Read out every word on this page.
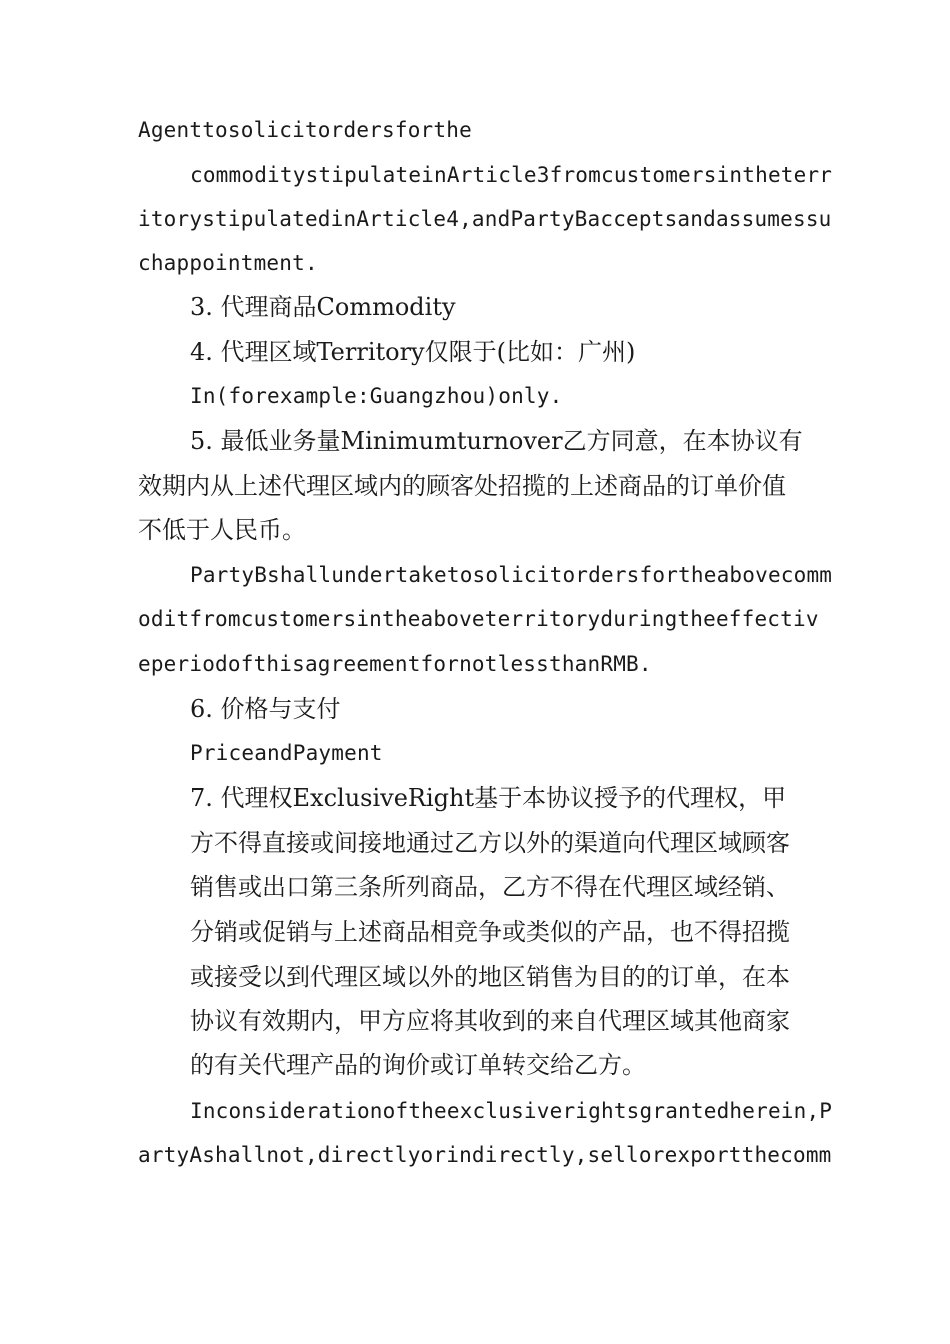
Agenttosolicitordersforthe
commoditystipulateinArticle3fromcustomersintheterr
itorystipulatedinArticle4,andPartyBacceptsandassumessu
chappointment.
3. 代理商品Commodity
4. 代理区域Territory仅限于(比如：广州)
In(forexample:Guangzhou)only.
5. 最低业务量Minimumturnover乙方同意，在本协议有
效期内从上述代理区域内的顾客处招揽的上述商品的订单价值
不低于人民币。
PartyBshallundertaketosolicitordersfortheabovecomm
oditfromcustomersintheaboveterritoryduringtheeffectiv
eperiodofthisagreementfornotlessthanRMB.
6. 价格与支付
PriceandPayment
7. 代理权ExclusiveRight基于本协议授予的代理权，甲
方不得直接或间接地通过乙方以外的渠道向代理区域顾客
销售或出口第三条所列商品，乙方不得在代理区域经销、
分销或促销与上述商品相竞争或类似的产品，也不得招揽
或接受以到代理区域以外的地区销售为目的的订单，在本
协议有效期内，甲方应将其收到的来自代理区域其他商家
的有关代理产品的询价或订单转交给乙方。
Inconsiderationoftheexclusiverightsgrantedherein,P
artyAshallnot,directlyorindirectly,sellorexportthecomm
